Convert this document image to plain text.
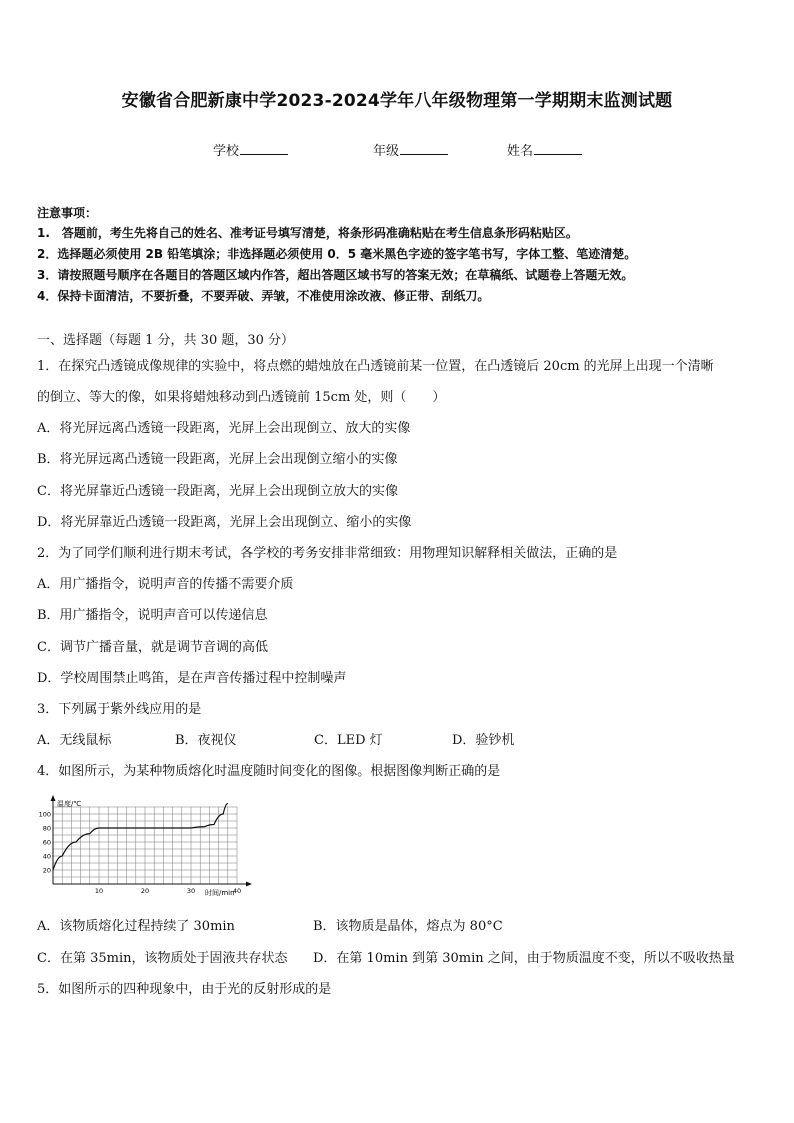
安徽省合肥新康中学2023-2024学年八年级物理第一学期期末监测试题
学校	年级	姓名
注意事项：
1.　答题前，考生先将自己的姓名、准考证号填写清楚，将条形码准确粘贴在考生信息条形码粘贴区。
2．选择题必须使用 2B 铅笔填涂；非选择题必须使用 0．5 毫米黑色字迹的签字笔书写，字体工整、笔迹清楚。
3．请按照题号顺序在各题目的答题区域内作答，超出答题区域书写的答案无效；在草稿纸、试题卷上答题无效。
4．保持卡面清洁，不要折叠，不要弄破、弄皱，不准使用涂改液、修正带、刮纸刀。
一、选择题（每题 1 分，共 30 题，30 分）
1．在探究凸透镜成像规律的实验中，将点燃的蜡烛放在凸透镜前某一位置，在凸透镜后 20cm 的光屏上出现一个清晰
的倒立、等大的像，如果将蜡烛移动到凸透镜前 15cm 处，则（　　）
A．将光屏远离凸透镜一段距离，光屏上会出现倒立、放大的实像
B．将光屏远离凸透镜一段距离，光屏上会出现倒立缩小的实像
C．将光屏靠近凸透镜一段距离，光屏上会出现倒立放大的实像
D．将光屏靠近凸透镜一段距离，光屏上会出现倒立、缩小的实像
2．为了同学们顺利进行期末考试，各学校的考务安排非常细致：用物理知识解释相关做法，正确的是
A．用广播指令，说明声音的传播不需要介质
B．用广播指令，说明声音可以传递信息
C．调节广播音量，就是调节音调的高低
D．学校周围禁止鸣笛，是在声音传播过程中控制噪声
3．下列属于紫外线应用的是
A．无线鼠标	B．夜视仪	C．LED 灯	D．验钞机
4．如图所示，为某种物质熔化时温度随时间变化的图像。根据图像判断正确的是
温度/℃
时间/min
10	20	30	40
20
40
60
80
100
A．该物质熔化过程持续了 30min	B．该物质是晶体，熔点为 80°C
C．在第 35min，该物质处于固液共存状态 D．在第 10min 到第 30min 之间，由于物质温度不变，所以不吸收热量
5．如图所示的四种现象中，由于光的反射形成的是
